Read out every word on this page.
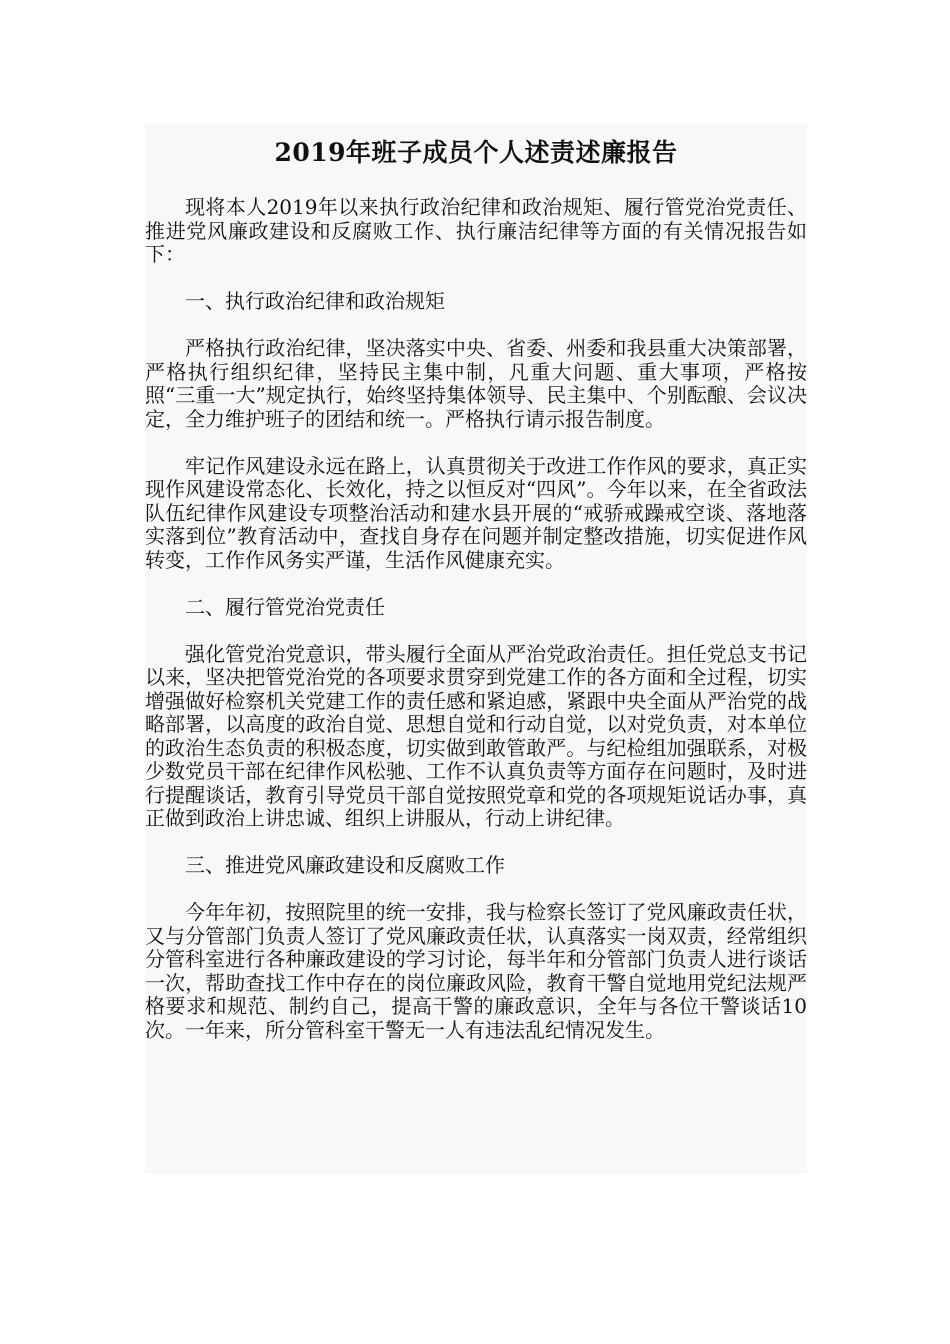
2019年班子成员个人述责述廉报告

现将本人2019年以来执行政治纪律和政治规矩、履行管党治党责任、推进党风廉政建设和反腐败工作、执行廉洁纪律等方面的有关情况报告如下：

一、执行政治纪律和政治规矩

严格执行政治纪律，坚决落实中央、省委、州委和我县重大决策部署，严格执行组织纪律，坚持民主集中制，凡重大问题、重大事项，严格按照“三重一大”规定执行，始终坚持集体领导、民主集中、个别酝酿、会议决定，全力维护班子的团结和统一。严格执行请示报告制度。

牢记作风建设永远在路上，认真贯彻关于改进工作作风的要求，真正实现作风建设常态化、长效化，持之以恒反对“四风”。今年以来，在全省政法队伍纪律作风建设专项整治活动和建水县开展的“戒骄戒躁戒空谈、落地落实落到位”教育活动中，查找自身存在问题并制定整改措施，切实促进作风转变，工作作风务实严谨，生活作风健康充实。

二、履行管党治党责任

强化管党治党意识，带头履行全面从严治党政治责任。担任党总支书记以来，坚决把管党治党的各项要求贯穿到党建工作的各方面和全过程，切实增强做好检察机关党建工作的责任感和紧迫感，紧跟中央全面从严治党的战略部署，以高度的政治自觉、思想自觉和行动自觉，以对党负责，对本单位的政治生态负责的积极态度，切实做到敢管敢严。与纪检组加强联系，对极少数党员干部在纪律作风松驰、工作不认真负责等方面存在问题时，及时进行提醒谈话，教育引导党员干部自觉按照党章和党的各项规矩说话办事，真正做到政治上讲忠诚、组织上讲服从，行动上讲纪律。

三、推进党风廉政建设和反腐败工作

今年年初，按照院里的统一安排，我与检察长签订了党风廉政责任状，又与分管部门负责人签订了党风廉政责任状，认真落实一岗双责，经常组织分管科室进行各种廉政建设的学习讨论，每半年和分管部门负责人进行谈话一次，帮助查找工作中存在的岗位廉政风险，教育干警自觉地用党纪法规严格要求和规范、制约自己，提高干警的廉政意识，全年与各位干警谈话10次。一年来，所分管科室干警无一人有违法乱纪情况发生。
